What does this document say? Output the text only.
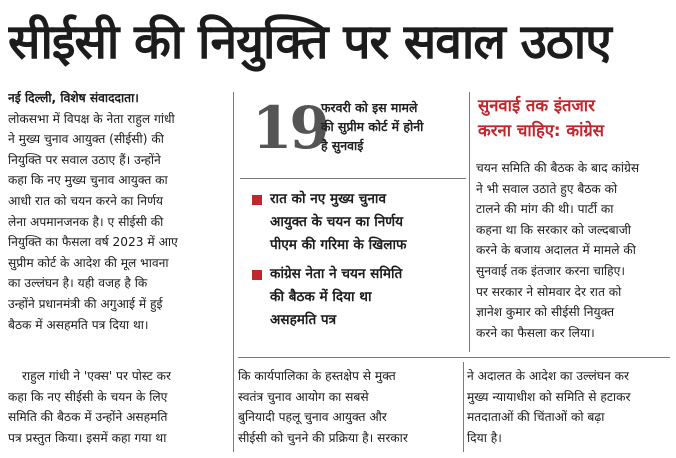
सीईसी की नियुक्ति पर सवाल उठाए
नई दिल्ली, विशेष संवाददाता।
लोकसभा में विपक्ष के नेता राहुल गांधी
ने मुख्य चुनाव आयुक्त (सीईसी) की
नियुक्ति पर सवाल उठाए हैं। उन्होंने
कहा कि नए मुख्य चुनाव आयुक्त का
आधी रात को चयन करने का निर्णय
लेना अपमानजनक है। ए सीईसी की
नियुक्ति का फैसला वर्ष 2023 में आए
सुप्रीम कोर्ट के आदेश की मूल भावना
का उल्लंघन है। यही वजह है कि
उन्होंने प्रधानमंत्री की अगुआई में हुई
बैठक में असहमति पत्र दिया था।
राहुल गांधी ने 'एक्स' पर पोस्ट कर
कहा कि नए सीईसी के चयन के लिए
समिति की बैठक में उन्होंने असहमति
पत्र प्रस्तुत किया। इसमें कहा गया था
19
फरवरी को इस मामले
की सुप्रीम कोर्ट में होनी
है सुनवाई
रात को नए मुख्य चुनाव
आयुक्त के चयन का निर्णय
पीएम की गरिमा के खिलाफ
कांग्रेस नेता ने चयन समिति
की बैठक में दिया था
असहमति पत्र
सुनवाई तक इंतजार
करना चाहिए: कांग्रेस
चयन समिति की बैठक के बाद कांग्रेस
ने भी सवाल उठाते हुए बैठक को
टालने की मांग की थी। पार्टी का
कहना था कि सरकार को जल्दबाजी
करने के बजाय अदालत में मामले की
सुनवाई तक इंतजार करना चाहिए।
पर सरकार ने सोमवार देर रात को
ज्ञानेश कुमार को सीईसी नियुक्त
करने का फैसला कर लिया।
कि कार्यपालिका के हस्तक्षेप से मुक्त
स्वतंत्र चुनाव आयोग का सबसे
बुनियादी पहलू चुनाव आयुक्त और
सीईसी को चुनने की प्रक्रिया है। सरकार
ने अदालत के आदेश का उल्लंघन कर
मुख्य न्यायाधीश को समिति से हटाकर
मतदाताओं की चिंताओं को बढ़ा
दिया है।
